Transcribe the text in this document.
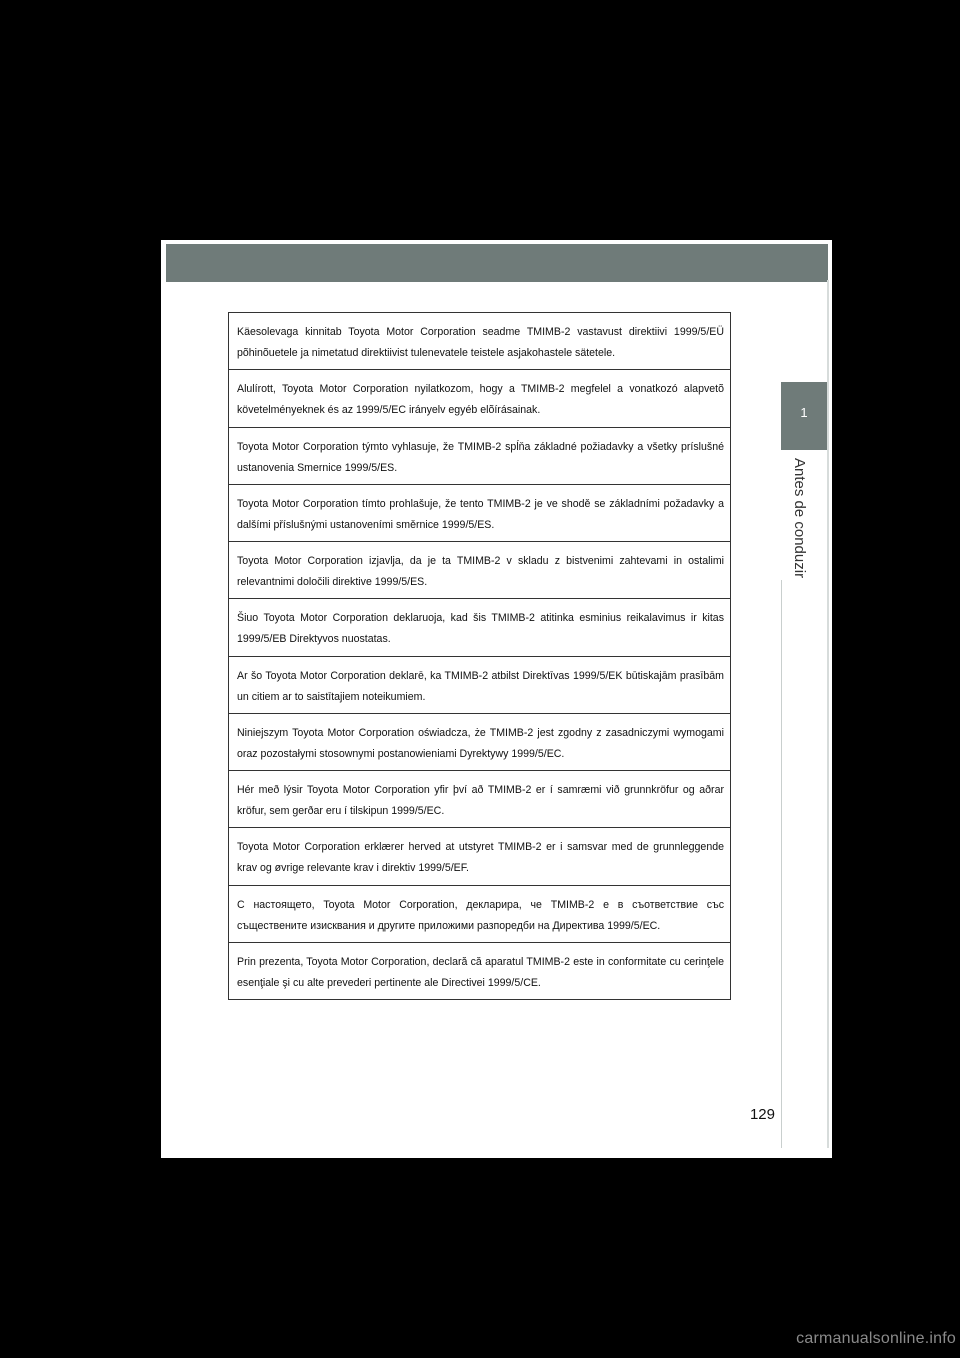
1
Antes de conduzir
Käesolevaga kinnitab Toyota Motor Corporation seadme TMIMB-2 vastavust direktiivi 1999/5/EÜ põhinõuetele ja nimetatud direktiivist tulenevatele teistele asjakohastele sätetele.
Alulírott, Toyota Motor Corporation nyilatkozom, hogy a TMIMB-2 megfelel a vonatkozó alapvetõ követelményeknek és az 1999/5/EC irányelv egyéb elõírásainak.
Toyota Motor Corporation týmto vyhlasuje, že TMIMB-2 spĺňa základné požiadavky a všetky príslušné ustanovenia Smernice 1999/5/ES.
Toyota Motor Corporation tímto prohlašuje, že tento TMIMB-2 je ve shodě se základními požadavky a dalšími příslušnými ustanoveními směrnice 1999/5/ES.
Toyota Motor Corporation izjavlja, da je ta TMIMB-2 v skladu z bistvenimi zahtevami in ostalimi relevantnimi določili direktive 1999/5/ES.
Šiuo Toyota Motor Corporation deklaruoja, kad šis TMIMB-2 atitinka esminius reikalavimus ir kitas 1999/5/EB Direktyvos nuostatas.
Ar šo Toyota Motor Corporation deklarē, ka TMIMB-2 atbilst Direktīvas 1999/5/EK būtiskajām prasībām un citiem ar to saistītajiem noteikumiem.
Niniejszym Toyota Motor Corporation oświadcza, że TMIMB-2 jest zgodny z zasadniczymi wymogami oraz pozostałymi stosownymi postanowieniami Dyrektywy 1999/5/EC.
Hér með lýsir Toyota Motor Corporation yfir því að TMIMB-2 er í samræmi við grunnkröfur og aðrar kröfur, sem gerðar eru í tilskipun 1999/5/EC.
Toyota Motor Corporation erklærer herved at utstyret TMIMB-2 er i samsvar med de grunnleggende krav og øvrige relevante krav i direktiv 1999/5/EF.
С настоящето, Toyota Motor Corporation, декларира, че TMIMB-2 е в съответствие със съществените изисквания и другите приложими разпоредби на Директива 1999/5/EC.
Prin prezenta, Toyota Motor Corporation, declară că aparatul TMIMB-2 este in conformitate cu cerinţele esenţiale şi cu alte prevederi pertinente ale Directivei 1999/5/CE.
129
carmanualsonline.info
